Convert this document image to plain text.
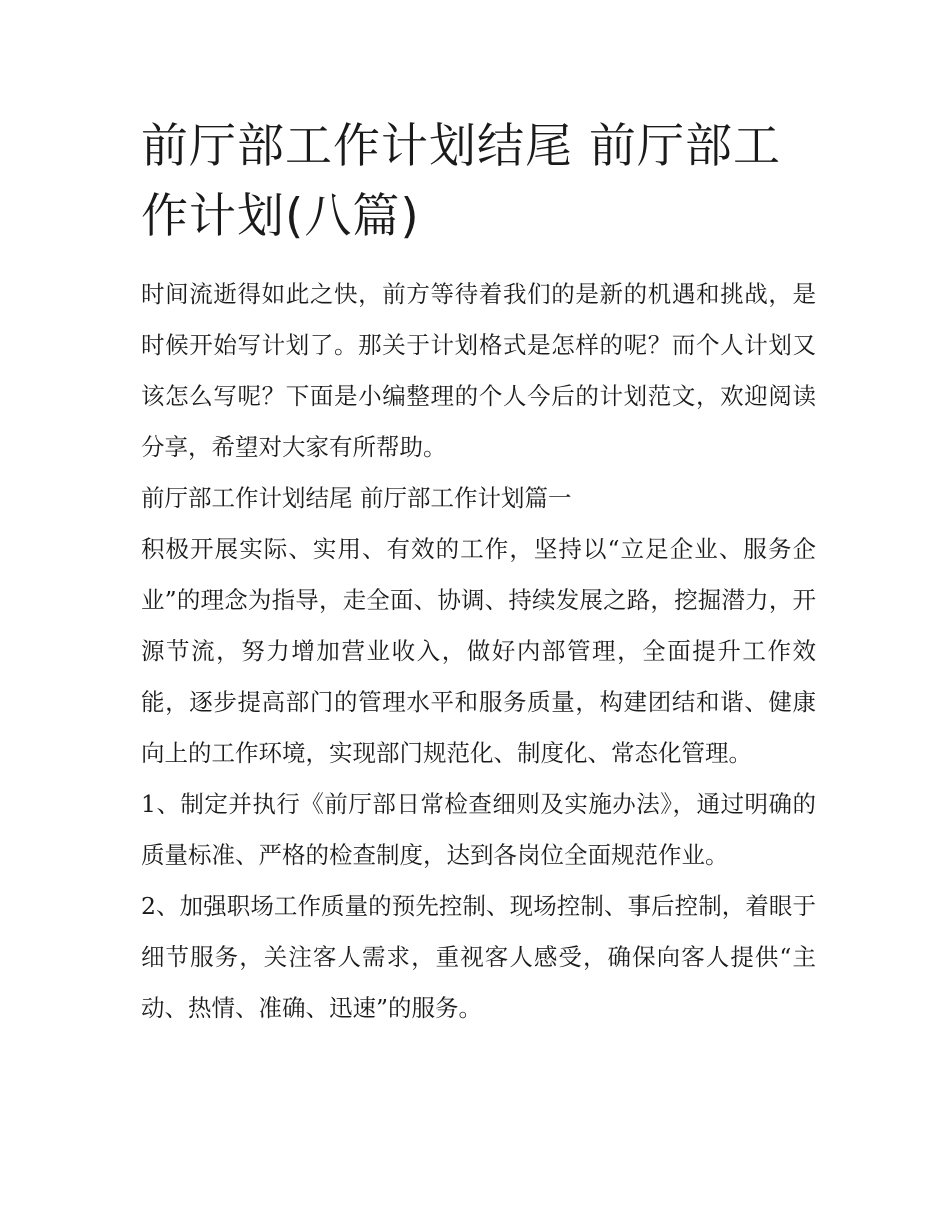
前厅部工作计划结尾 前厅部工作计划(八篇)

时间流逝得如此之快，前方等待着我们的是新的机遇和挑战，是时候开始写计划了。那关于计划格式是怎样的呢？而个人计划又该怎么写呢？下面是小编整理的个人今后的计划范文，欢迎阅读分享，希望对大家有所帮助。

前厅部工作计划结尾 前厅部工作计划篇一

积极开展实际、实用、有效的工作，坚持以“立足企业、服务企业”的理念为指导，走全面、协调、持续发展之路，挖掘潜力，开源节流，努力增加营业收入，做好内部管理，全面提升工作效能，逐步提高部门的管理水平和服务质量，构建团结和谐、健康向上的工作环境，实现部门规范化、制度化、常态化管理。

1、制定并执行《前厅部日常检查细则及实施办法》，通过明确的质量标准、严格的检查制度，达到各岗位全面规范作业。

2、加强职场工作质量的预先控制、现场控制、事后控制，着眼于细节服务，关注客人需求，重视客人感受，确保向客人提供“主动、热情、准确、迅速”的服务。
